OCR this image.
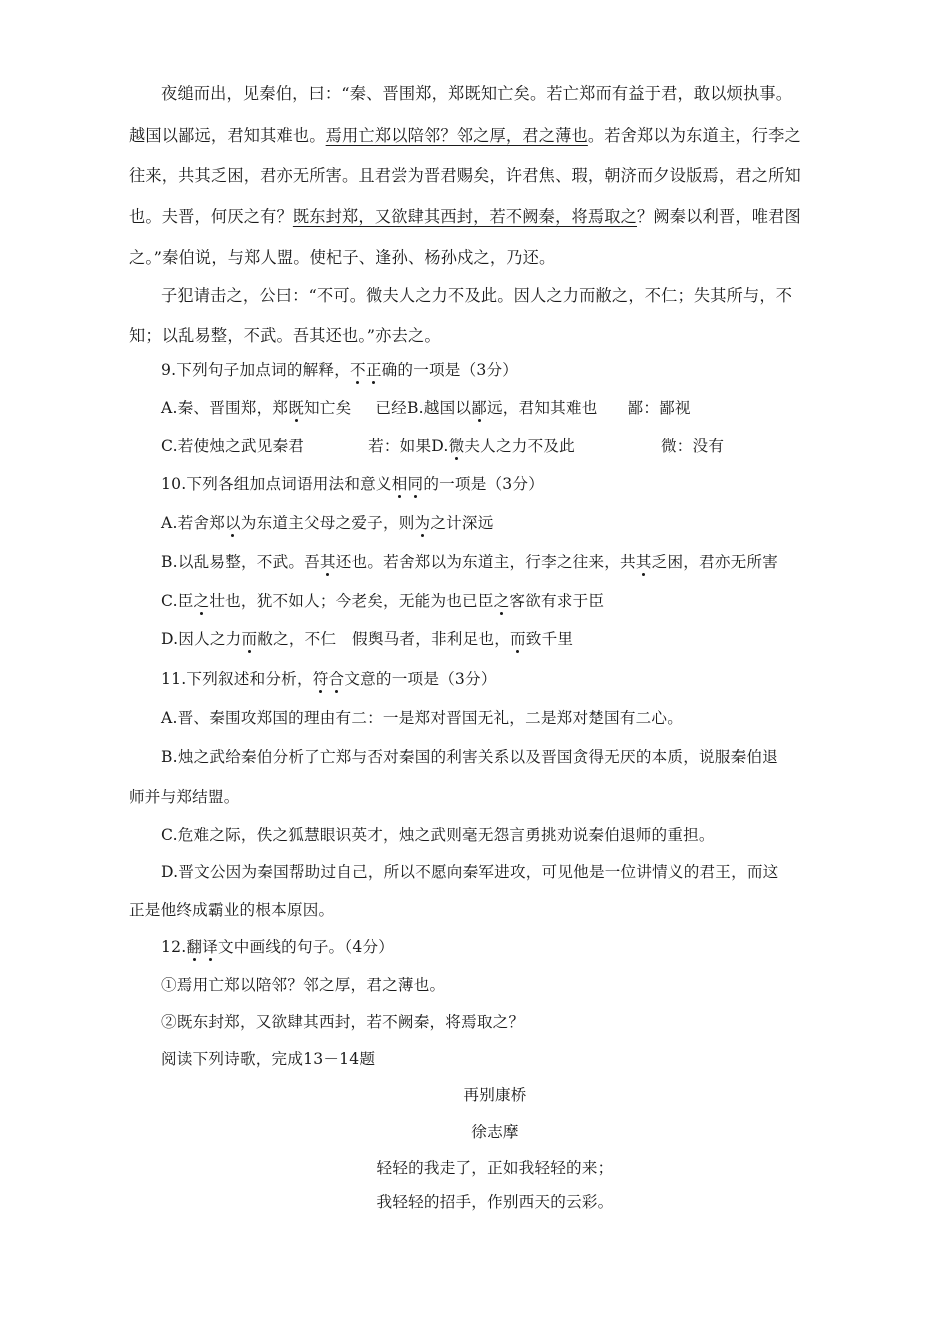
夜缒而出，见秦伯，曰：“秦、晋围郑，郑既知亡矣。若亡郑而有益于君，敢以烦执事。
越国以鄙远，君知其难也。焉用亡郑以陪邻？邻之厚，君之薄也。若舍郑以为东道主，行李之
往来，共其乏困，君亦无所害。且君尝为晋君赐矣，许君焦、瑕，朝济而夕设版焉，君之所知
也。夫晋，何厌之有？既东封郑，又欲肆其西封，若不阙秦，将焉取之？阙秦以利晋，唯君图
之。”秦伯说，与郑人盟。使杞子、逢孙、杨孙戍之，乃还。
子犯请击之，公曰：“不可。微夫人之力不及此。因人之力而敝之，不仁；失其所与，不
知；以乱易整，不武。吾其还也。”亦去之。
9.下列句子加点词的解释，不正确的一项是（3分）
A.秦、晋围郑，郑既知亡矣 已经B.越国以鄙远，君知其难也 鄙：鄙视
C.若使烛之武见秦君	若：如果D.微夫人之力不及此	微：没有
10.下列各组加点词语用法和意义相同的一项是（3分）
A.若舍郑以为东道主父母之爱子，则为之计深远
B.以乱易整，不武。吾其还也。若舍郑以为东道主，行李之往来，共其乏困，君亦无所害
C.臣之壮也，犹不如人；今老矣，无能为也已臣之客欲有求于臣
D.因人之力而敝之，不仁　假舆马者，非利足也，而致千里
11.下列叙述和分析，符合文意的一项是（3分）
A.晋、秦围攻郑国的理由有二：一是郑对晋国无礼，二是郑对楚国有二心。
B.烛之武给秦伯分析了亡郑与否对秦国的利害关系以及晋国贪得无厌的本质，说服秦伯退
师并与郑结盟。
C.危难之际，佚之狐慧眼识英才，烛之武则毫无怨言勇挑劝说秦伯退师的重担。
D.晋文公因为秦国帮助过自己，所以不愿向秦军进攻，可见他是一位讲情义的君王，而这
正是他终成霸业的根本原因。
12.翻译文中画线的句子。（4分）
①焉用亡郑以陪邻？邻之厚，君之薄也。
②既东封郑，又欲肆其西封，若不阙秦，将焉取之？
阅读下列诗歌，完成13－14题
再别康桥
徐志摩
轻轻的我走了，正如我轻轻的来；
我轻轻的招手，作别西天的云彩。
